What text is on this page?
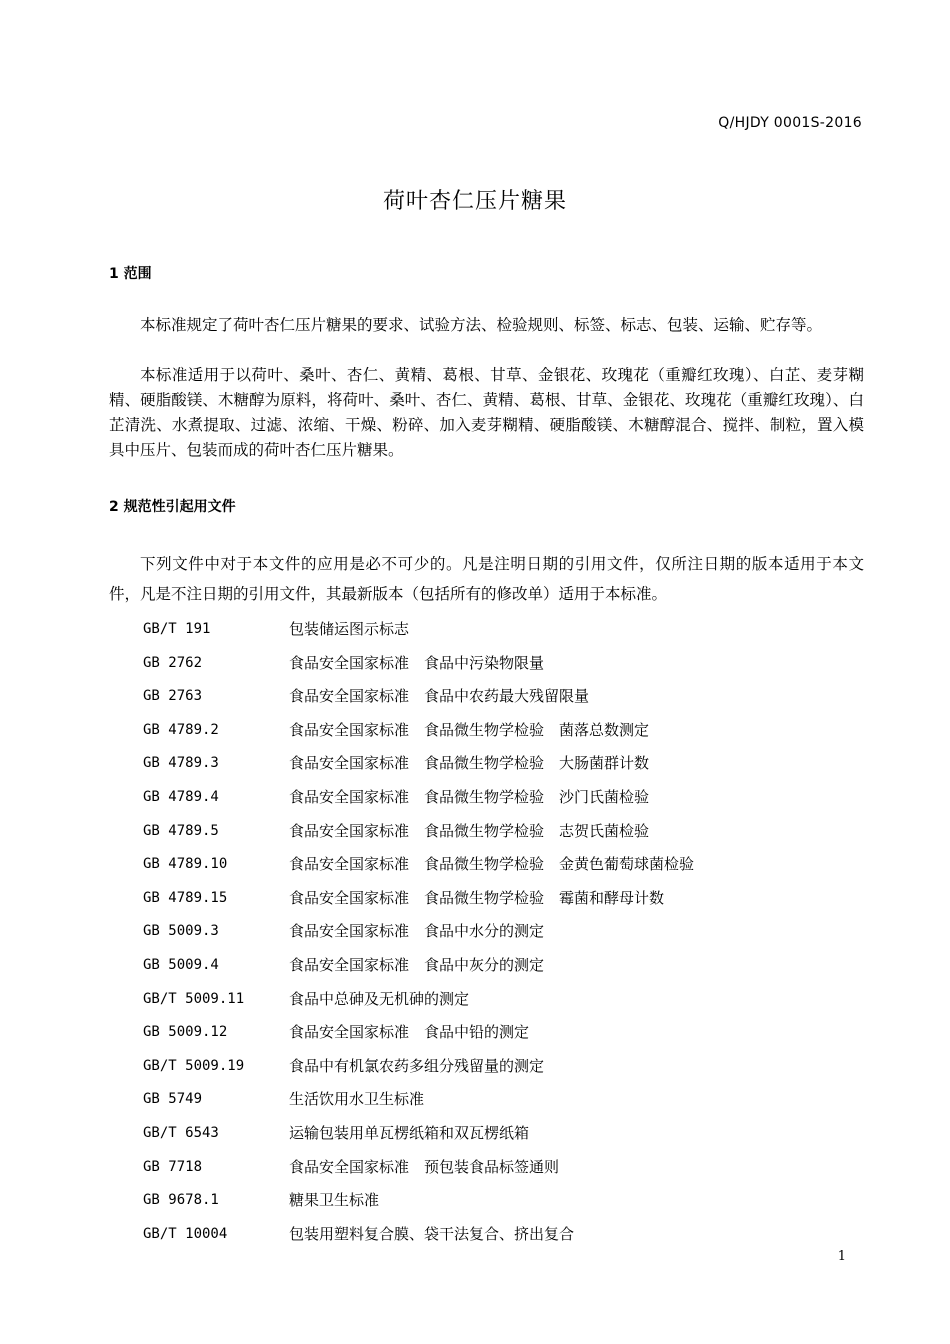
Q/HJDY 0001S-2016
荷叶杏仁压片糖果
1 范围

本标准规定了荷叶杏仁压片糖果的要求、试验方法、检验规则、标签、标志、包装、运输、贮存等。

本标准适用于以荷叶、桑叶、杏仁、黄精、葛根、甘草、金银花、玫瑰花（重瓣红玫瑰）、白芷、麦芽糊精、硬脂酸镁、木糖醇为原料，将荷叶、桑叶、杏仁、黄精、葛根、甘草、金银花、玫瑰花（重瓣红玫瑰）、白芷清洗、水煮提取、过滤、浓缩、干燥、粉碎、加入麦芽糊精、硬脂酸镁、木糖醇混合、搅拌、制粒，置入模具中压片、包装而成的荷叶杏仁压片糖果。

2 规范性引起用文件

下列文件中对于本文件的应用是必不可少的。凡是注明日期的引用文件，仅所注日期的版本适用于本文件，凡是不注日期的引用文件，其最新版本（包括所有的修改单）适用于本标准。

GB/T 191	包装储运图示标志
GB 2762	食品安全国家标准　食品中污染物限量
GB 2763	食品安全国家标准　食品中农药最大残留限量
GB 4789.2	食品安全国家标准　食品微生物学检验　菌落总数测定
GB 4789.3	食品安全国家标准　食品微生物学检验　大肠菌群计数
GB 4789.4	食品安全国家标准　食品微生物学检验　沙门氏菌检验
GB 4789.5	食品安全国家标准　食品微生物学检验　志贺氏菌检验
GB 4789.10	食品安全国家标准　食品微生物学检验　金黄色葡萄球菌检验
GB 4789.15	食品安全国家标准　食品微生物学检验　霉菌和酵母计数
GB 5009.3	食品安全国家标准　食品中水分的测定
GB 5009.4	食品安全国家标准　食品中灰分的测定
GB/T 5009.11	食品中总砷及无机砷的测定
GB 5009.12	食品安全国家标准　食品中铅的测定
GB/T 5009.19	食品中有机氯农药多组分残留量的测定
GB 5749	生活饮用水卫生标准
GB/T 6543	运输包装用单瓦楞纸箱和双瓦楞纸箱
GB 7718	食品安全国家标准　预包装食品标签通则
GB 9678.1	糖果卫生标准
GB/T 10004	包装用塑料复合膜、袋干法复合、挤出复合
1
